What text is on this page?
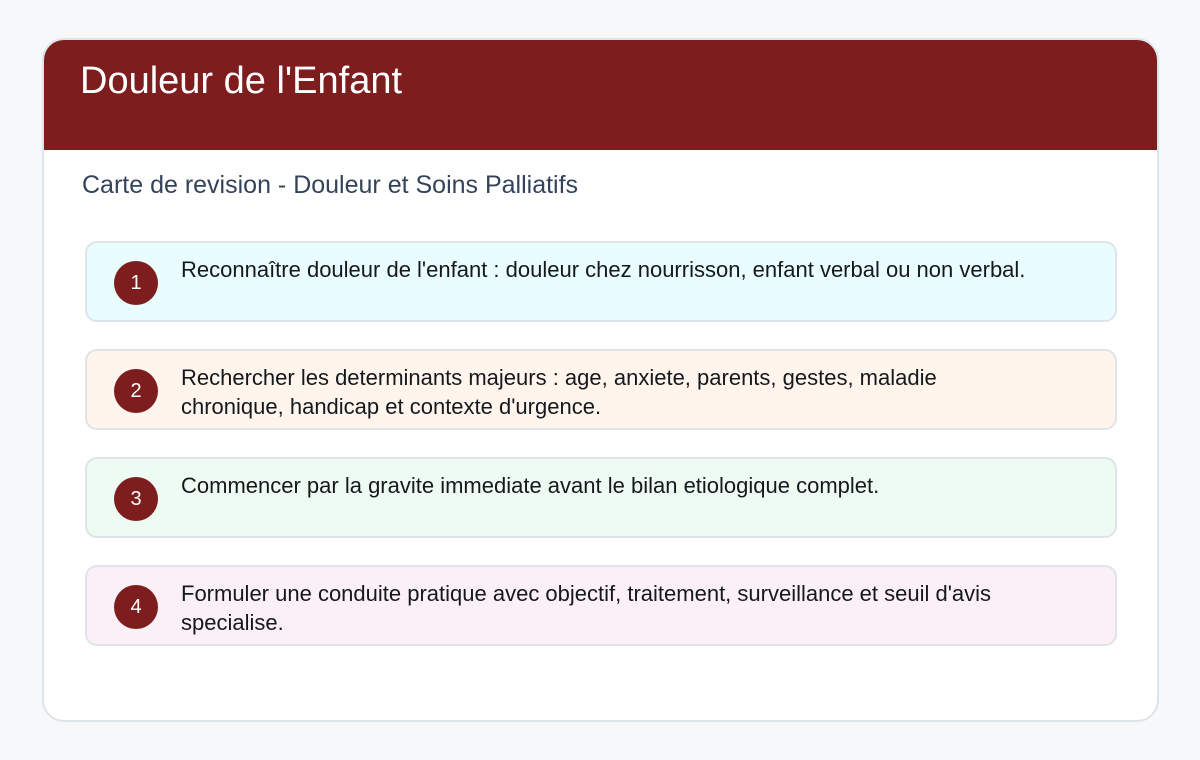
Douleur de l'Enfant
Carte de revision - Douleur et Soins Palliatifs
1
Reconnaître douleur de l'enfant : douleur chez nourrisson, enfant verbal ou non verbal.
2
Rechercher les determinants majeurs : age, anxiete, parents, gestes, maladie chronique, handicap et contexte d'urgence.
3
Commencer par la gravite immediate avant le bilan etiologique complet.
4
Formuler une conduite pratique avec objectif, traitement, surveillance et seuil d'avis specialise.
